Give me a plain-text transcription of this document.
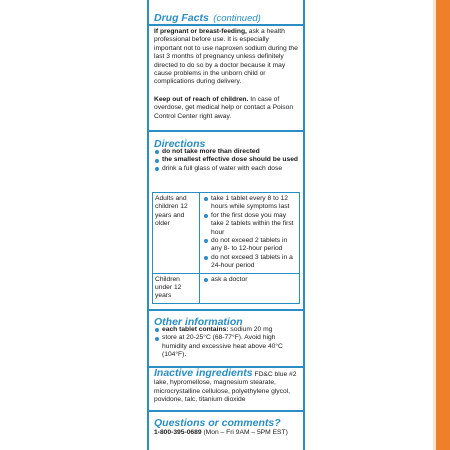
Drug Facts (continued)
If pregnant or breast-feeding, ask a health professional before use. It is especially important not to use naproxen sodium during the last 3 months of pregnancy unless definitely directed to do so by a doctor because it may cause problems in the unborn child or complications during delivery.
Keep out of reach of children. In case of overdose, get medical help or contact a Poison Control Center right away.
Directions
do not take more than directed
the smallest effective dose should be used
drink a full glass of water with each dose
Adults and children 12 years and older
take 1 tablet every 8 to 12 hours while symptoms last
for the first dose you may take 2 tablets within the first hour
do not exceed 2 tablets in any 8- to 12-hour period
do not exceed 3 tablets in a 24-hour period
Children under 12 years
ask a doctor
Other information
each tablet contains: sodium 20 mg
store at 20-25°C (68-77°F). Avoid high humidity and excessive heat above 40°C (104°F).
Inactive ingredients FD&C blue #2 lake, hypromellose, magnesium stearate, microcrystalline cellulose, polyethylene glycol, povidone, talc, titanium dioxide
Questions or comments?
1-800-395-0689 (Mon – Fri 9AM – 5PM EST)
